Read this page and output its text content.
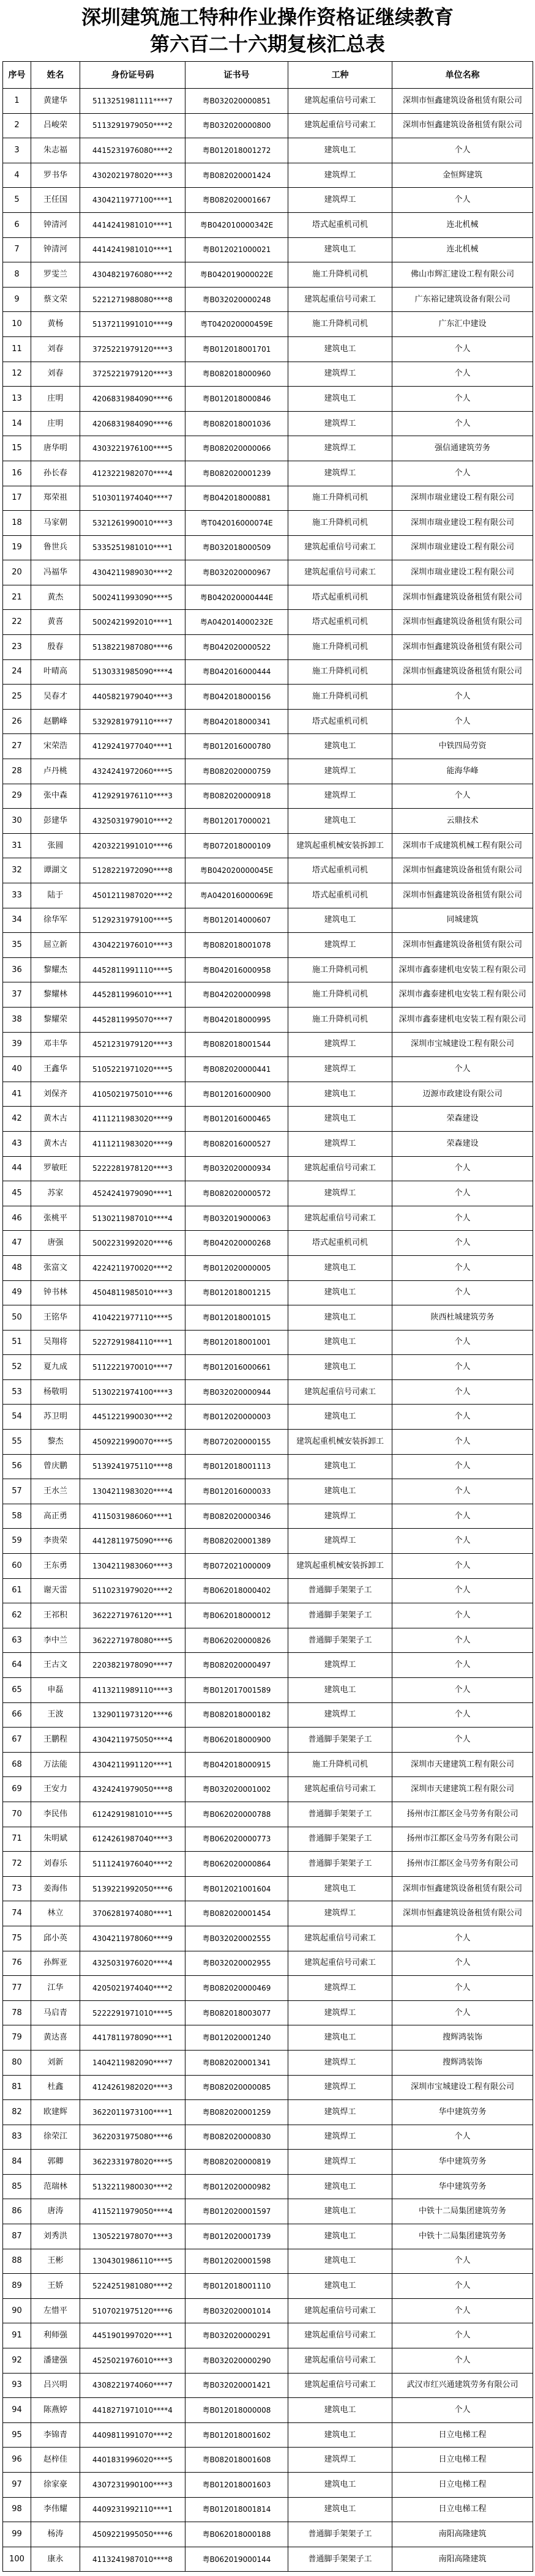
深圳建筑施工特种作业操作资格证继续教育
第六百二十六期复核汇总表
序号	姓名	身份证号码	证书号	工种	单位名称
1	黄建华	5113251981111****7	粤B032020000851	建筑起重信号司索工	深圳市恒鑫建筑设备租赁有限公司
2	吕峻荣	5113291979050****2	粤B032020000800	建筑起重信号司索工	深圳市恒鑫建筑设备租赁有限公司
3	朱志福	4415231976080****2	粤B012018001272	建筑电工	个人
4	罗书华	4302021978020****3	粤B082020001424	建筑焊工	金恒辉建筑
5	王任国	4304211977100****1	粤B082020001667	建筑焊工	个人
6	钟清河	4414241981010****1	粤B042010000342E	塔式起重机司机	连北机械
7	钟清河	4414241981010****1	粤B012021000021	建筑电工	连北机械
8	罗雯兰	4304821976080****2	粤B042019000022E	施工升降机司机	佛山市辉汇建设工程有限公司
9	蔡文荣	5221271988080****8	粤B032020000248	建筑起重信号司索工	广东裕记建筑设备有限公司
10	黄杨	5137211991010****9	粤T042020000459E	施工升降机司机	广东汇中建设
11	刘春	3725221979120****3	粤B012018001701	建筑电工	个人
12	刘春	3725221979120****3	粤B082018000960	建筑焊工	个人
13	庄明	4206831984090****6	粤B012018000846	建筑电工	个人
14	庄明	4206831984090****6	粤B082018001036	建筑焊工	个人
15	唐华明	4303221976100****5	粤B082020000066	建筑焊工	强信通建筑劳务
16	孙长春	4123221982070****4	粤B082020001239	建筑焊工	个人
17	郑荣祖	5103011974040****7	粤B042018000881	施工升降机司机	深圳市瑞业建设工程有限公司
18	马家朝	5321261990010****3	粤T042016000074E	施工升降机司机	深圳市瑞业建设工程有限公司
19	鲁世兵	5335251981010****1	粤B032018000509	建筑起重信号司索工	深圳市瑞业建设工程有限公司
20	冯福华	4304211989030****2	粤B032020000967	建筑起重信号司索工	深圳市瑞业建设工程有限公司
21	黄杰	5002411993090****5	粤B042020000444E	塔式起重机司机	深圳市恒鑫建筑设备租赁有限公司
22	黄喜	5002421992010****1	粤A042014000232E	塔式起重机司机	深圳市恒鑫建筑设备租赁有限公司
23	殷春	5138221987080****6	粤B042020000522	施工升降机司机	深圳市恒鑫建筑设备租赁有限公司
24	叶晴高	5130331985090****4	粤B042016000444	施工升降机司机	深圳市恒鑫建筑设备租赁有限公司
25	吴春才	4405821979040****3	粤B042018000156	施工升降机司机	个人
26	赵鹏峰	5329281979110****7	粤B042018000341	塔式起重机司机	个人
27	宋荣浩	4129241977040****1	粤B012016000780	建筑电工	中铁四局劳资
28	卢丹桃	4324241972060****5	粤B082020000759	建筑焊工	能海华峰
29	张中森	4129291976110****3	粤B082020000918	建筑焊工	个人
30	彭建华	4325031979010****2	粤B012017000021	建筑电工	云鼎技术
31	张圆	4203221991010****6	粤B072018000109	建筑起重机械安装拆卸工	深圳市千成建筑机械工程有限公司
32	谭湖文	5128221972090****8	粤B042020000045E	塔式起重机司机	深圳市恒鑫建筑设备租赁有限公司
33	陆于	4501211987020****2	粤A042016000069E	塔式起重机司机	深圳市恒鑫建筑设备租赁有限公司
34	徐华军	5129231979100****5	粤B012014000607	建筑电工	同城建筑
35	屈立新	4304221976010****3	粤B082018001078	建筑焊工	深圳市恒鑫建筑设备租赁有限公司
36	黎耀杰	4452811991110****5	粤B042016000958	施工升降机司机	深圳市鑫泰建机电安装工程有限公司
37	黎耀林	4452811996010****1	粤B042020000998	施工升降机司机	深圳市鑫泰建机电安装工程有限公司
38	黎耀荣	4452811995070****7	粤B042018000995	施工升降机司机	深圳市鑫泰建机电安装工程有限公司
39	邓丰华	4521231979120****3	粤B082018001544	建筑焊工	深圳市宝城建设工程有限公司
40	王鑫华	5105221971020****5	粤B082020000441	建筑焊工	个人
41	刘保齐	4105021975010****6	粤B012016000900	建筑电工	迈源市政建设有限公司
42	黄木古	4111211983020****9	粤B012016000465	建筑电工	荣森建设
43	黄木古	4111211983020****9	粤B082016000527	建筑焊工	荣森建设
44	罗敏旺	5222281978120****3	粤B032020000934	建筑起重信号司索工	个人
45	苏家	4524241979090****1	粤B082020000572	建筑焊工	个人
46	张桃平	5130211987010****4	粤B032019000063	建筑起重信号司索工	个人
47	唐强	5002231992020****6	粤B042020000268	塔式起重机司机	个人
48	张富文	4224211970020****2	粤B012020000005	建筑电工	个人
49	钟书林	4504811985010****3	粤B012018001215	建筑电工	个人
50	王铭华	4104221977110****5	粤B012018001015	建筑电工	陕西杜城建筑劳务
51	吴翔将	5227291984110****1	粤B012018001001	建筑电工	个人
52	夏九成	5112221970010****7	粤B012016000661	建筑电工	个人
53	杨敬明	5130221974100****3	粤B032020000944	建筑起重信号司索工	个人
54	苏卫明	4451221990030****2	粤B012020000003	建筑电工	个人
55	黎杰	4509221990070****5	粤B072020000155	建筑起重机械安装拆卸工	个人
56	曾庆鹏	5139241975110****8	粤B012018001113	建筑电工	个人
57	王水兰	1304211983020****4	粤B012016000033	建筑电工	个人
58	高正勇	4115031986060****1	粤B082020000346	建筑焊工	个人
59	李贵荣	4412811975090****6	粤B082020001389	建筑焊工	个人
60	王东勇	1304211983060****3	粤B072021000009	建筑起重机械安装拆卸工	个人
61	谢天雷	5110231979020****2	粤B062018000402	普通脚手架架子工	个人
62	王祁积	3622271976120****1	粤B062018000012	普通脚手架架子工	个人
63	李中兰	3622271978080****5	粤B062020000826	普通脚手架架子工	个人
64	王古文	2203821978090****7	粤B082020000497	建筑焊工	个人
65	申磊	4113211989110****3	粤B012017001589	建筑电工	个人
66	王波	1329011973120****6	粤B082018000182	建筑焊工	个人
67	王鹏程	4304211975050****4	粤B062018000900	普通脚手架架子工	个人
68	万法能	4304211991120****1	粤B042018000915	施工升降机司机	深圳市天建建筑工程有限公司
69	王安力	4324241979050****8	粤B032020001002	建筑起重信号司索工	深圳市天建建筑工程有限公司
70	李民伟	6124291981010****5	粤B062020000788	普通脚手架架子工	扬州市江都区金马劳务有限公司
71	朱明斌	6124261987040****3	粤B062020000773	普通脚手架架子工	扬州市江都区金马劳务有限公司
72	刘春乐	5111241976040****2	粤B062020000864	普通脚手架架子工	扬州市江都区金马劳务有限公司
73	姜海伟	5139221992050****6	粤B012021001604	建筑电工	深圳市恒鑫建筑设备租赁有限公司
74	林立	3706281974080****1	粤B082020001454	建筑焊工	深圳市恒鑫建筑设备租赁有限公司
75	邱小英	4304211978060****9	粤B032020002555	建筑起重信号司索工	个人
76	孙辉亚	4325031976020****4	粤B032020002955	建筑起重信号司索工	个人
77	江华	4205021974040****2	粤B082020000469	建筑焊工	个人
78	马启青	5222291971010****5	粤B082018003077	建筑焊工	个人
79	黄达喜	4417811978090****1	粤B012020001240	建筑电工	搜辉鸿装饰
80	刘新	1404211982090****7	粤B082020001341	建筑焊工	搜辉鸿装饰
81	杜鑫	4124261982020****3	粤B082020000085	建筑焊工	深圳市宝城建设工程有限公司
82	欧建辉	3622011973100****1	粤B082020001259	建筑焊工	华中建筑劳务
83	徐荣江	3622031975080****6	粤B082020000830	建筑焊工	个人
84	郭卿	3622331978020****5	粤B082020000819	建筑焊工	华中建筑劳务
85	范瑞林	5132211980030****2	粤B012020000982	建筑电工	华中建筑劳务
86	唐涛	4115211979050****4	粤B012020001597	建筑电工	中铁十二局集团建筑劳务
87	刘秀洪	1305221978070****3	粤B012020001739	建筑电工	中铁十二局集团建筑劳务
88	王彬	1304301986110****5	粤B012020001598	建筑电工	个人
89	王娇	5224251981080****2	粤B012018001110	建筑电工	个人
90	左惜平	5107021975120****6	粤B032020001014	建筑起重信号司索工	个人
91	利师强	4451901997020****1	粤B032020000291	建筑起重信号司索工	个人
92	潘建强	4525021976010****3	粤B032020000290	建筑起重信号司索工	个人
93	吕兴明	4308221974060****7	粤B032020001421	建筑起重信号司索工	武汉市红兴通建筑劳务有限公司
94	陈燕婷	4418271971010****4	粤B012018000008	建筑电工	个人
95	李锦青	4409811991070****2	粤B012018001602	建筑电工	日立电梯工程
96	赵梓佳	4401831996020****5	粤B082018001608	建筑焊工	日立电梯工程
97	徐家豪	4307231990100****3	粤B012018001603	建筑电工	日立电梯工程
98	李伟耀	4409231992110****1	粤B012018001814	建筑电工	日立电梯工程
99	杨涛	4509221995050****6	粤B062018000188	普通脚手架架子工	南阳高隆建筑
100	康永	4113241987010****8	粤B062019000144	普通脚手架架子工	南阳高隆建筑
